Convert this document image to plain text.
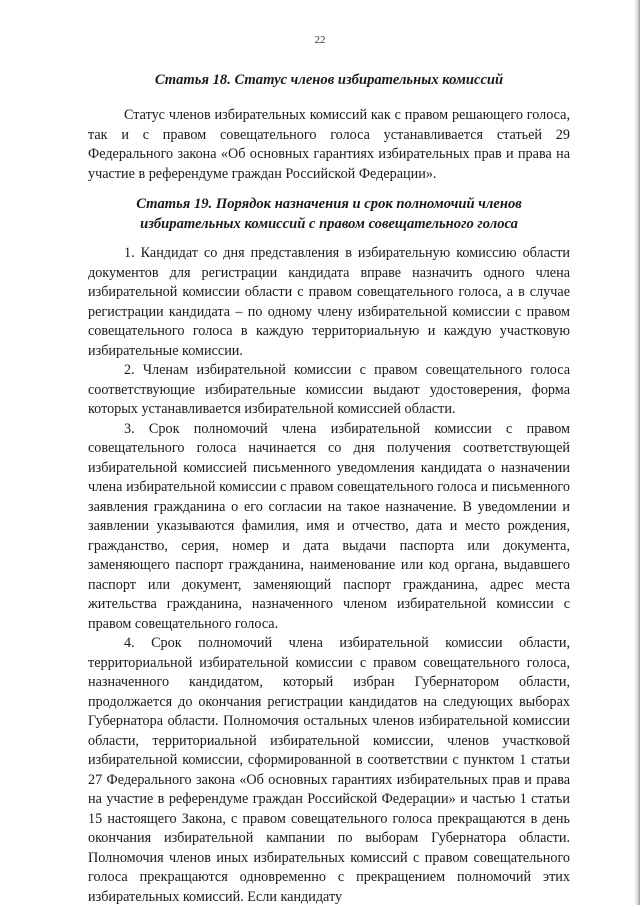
22
Статья 18. Статус членов избирательных комиссий

Статус членов избирательных комиссий как с правом решающего голоса, так и с правом совещательного голоса устанавливается статьей 29 Федерального закона «Об основных гарантиях избирательных прав и права на участие в референдуме граждан Российской Федерации».

Статья 19. Порядок назначения и срок полномочий членов
избирательных комиссий с правом совещательного голоса

1. Кандидат со дня представления в избирательную комиссию области документов для регистрации кандидата вправе назначить одного члена избирательной комиссии области с правом совещательного голоса, а в случае регистрации кандидата – по одному члену избирательной комиссии с правом совещательного голоса в каждую территориальную и каждую участковую избирательные комиссии.

2. Членам избирательной комиссии с правом совещательного голоса соответствующие избирательные комиссии выдают удостоверения, форма которых устанавливается избирательной комиссией области.

3. Срок полномочий члена избирательной комиссии с правом совещательного голоса начинается со дня получения соответствующей избирательной комиссией письменного уведомления кандидата о назначении члена избирательной комиссии с правом совещательного голоса и письменного заявления гражданина о его согласии на такое назначение. В уведомлении и заявлении указываются фамилия, имя и отчество, дата и место рождения, гражданство, серия, номер и дата выдачи паспорта или документа, заменяющего паспорт гражданина, наименование или код органа, выдавшего паспорт или документ, заменяющий паспорт гражданина, адрес места жительства гражданина, назначенного членом избирательной комиссии с правом совещательного голоса.

4. Срок полномочий члена избирательной комиссии области, территориальной избирательной комиссии с правом совещательного голоса, назначенного кандидатом, который избран Губернатором области, продолжается до окончания регистрации кандидатов на следующих выборах Губернатора области. Полномочия остальных членов избирательной комиссии области, территориальной избирательной комиссии, членов участковой избирательной комиссии, сформированной в соответствии с пунктом 1 статьи 27 Федерального закона «Об основных гарантиях избирательных прав и права на участие в референдуме граждан Российской Федерации» и частью 1 статьи 15 настоящего Закона, с правом совещательного голоса прекращаются в день окончания избирательной кампании по выборам Губернатора области. Полномочия членов иных избирательных комиссий с правом совещательного голоса прекращаются одновременно с прекращением полномочий этих избирательных комиссий. Если кандидату
